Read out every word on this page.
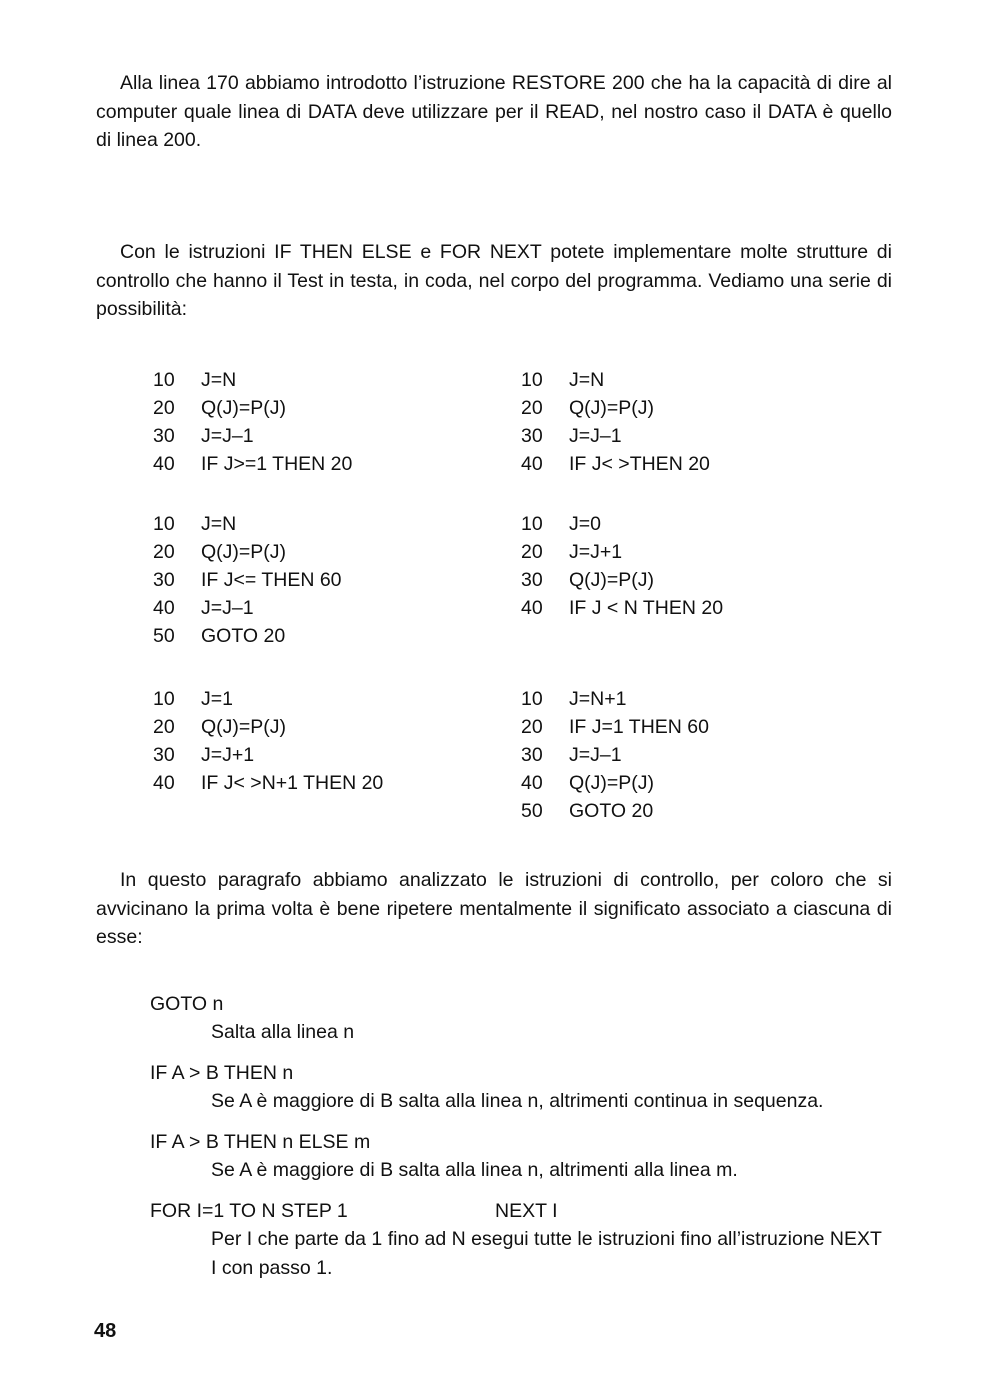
Alla linea 170 abbiamo introdotto l’istruzione RESTORE 200 che ha la capacità di dire al computer quale linea di DATA deve utilizzare per il READ, nel nostro caso il DATA è quello di linea 200.

Con le istruzioni IF THEN ELSE e FOR NEXT potete implementare molte strutture di controllo che hanno il Test in testa, in coda, nel corpo del programma. Vediamo una serie di possibilità:

10	J=N
20	Q(J)=P(J)
30	J=J–1
40	IF J>=1 THEN 20
10	J=N
20	Q(J)=P(J)
30	J=J–1
40	IF J< >THEN 20
10	J=N
20	Q(J)=P(J)
30	IF J<= THEN 60
40	J=J–1
50	GOTO 20
10	J=0
20	J=J+1
30	Q(J)=P(J)
40	IF J < N THEN 20
10	J=1
20	Q(J)=P(J)
30	J=J+1
40	IF J< >N+1 THEN 20
10	J=N+1
20	IF J=1 THEN 60
30	J=J–1
40	Q(J)=P(J)
50	GOTO 20

In questo paragrafo abbiamo analizzato le istruzioni di controllo, per coloro che si avvicinano la prima volta è bene ripetere mentalmente il significato associato a ciascuna di esse:

GOTO n
Salta alla linea n
IF A > B THEN n
Se A è maggiore di B salta alla linea n, altrimenti continua in sequenza.
IF A > B THEN n ELSE m
Se A è maggiore di B salta alla linea n, altrimenti alla linea m.
FOR I=1 TO N STEP 1	NEXT I
Per I che parte da 1 fino ad N esegui tutte le istruzioni fino all’istruzione NEXT I con passo 1.
48
